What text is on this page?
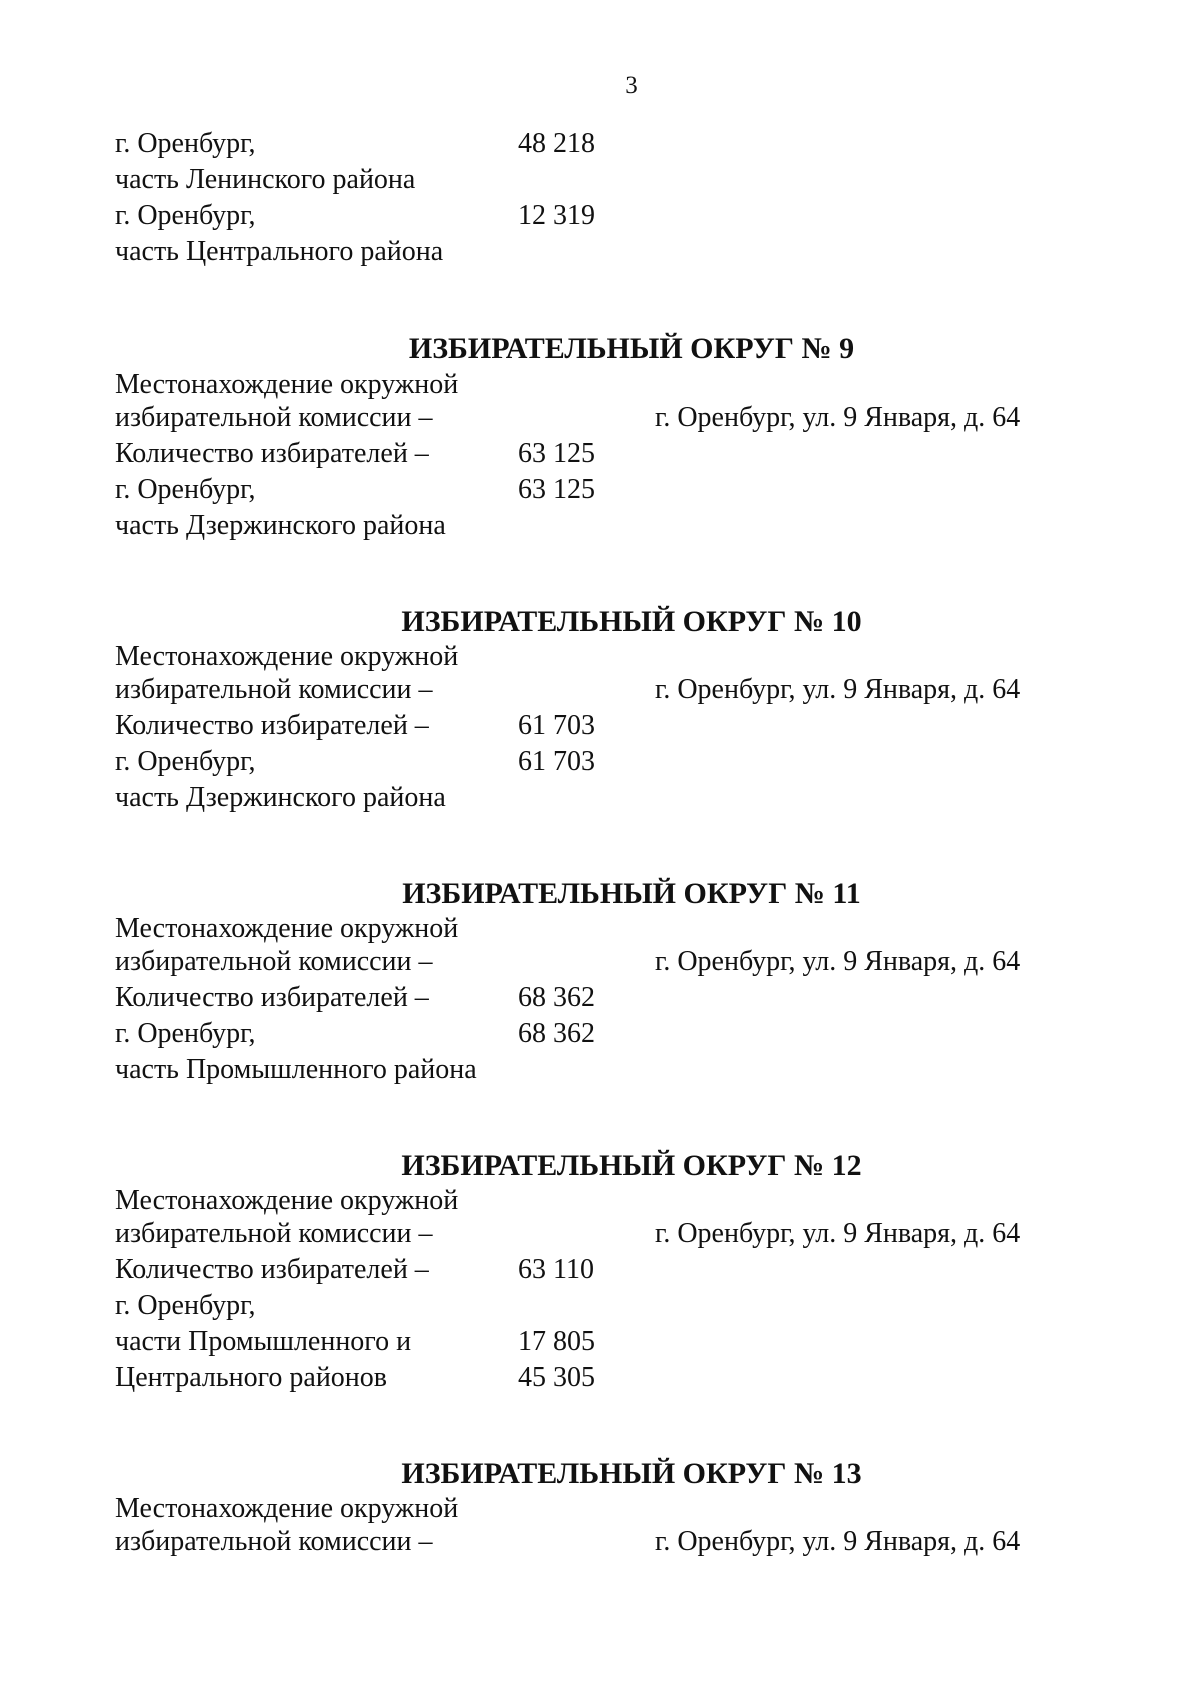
3
г. Оренбург,	48 218
часть Ленинского района
г. Оренбург,	12 319
часть Центрального района
ИЗБИРАТЕЛЬНЫЙ ОКРУГ № 9
Местонахождение окружной
избирательной комиссии –	г. Оренбург, ул. 9 Января, д. 64
Количество избирателей –	63 125
г. Оренбург,	63 125
часть Дзержинского района
ИЗБИРАТЕЛЬНЫЙ ОКРУГ № 10
Местонахождение окружной
избирательной комиссии –	г. Оренбург, ул. 9 Января, д. 64
Количество избирателей –	61 703
г. Оренбург,	61 703
часть Дзержинского района
ИЗБИРАТЕЛЬНЫЙ ОКРУГ № 11
Местонахождение окружной
избирательной комиссии –	г. Оренбург, ул. 9 Января, д. 64
Количество избирателей –	68 362
г. Оренбург,	68 362
часть Промышленного района
ИЗБИРАТЕЛЬНЫЙ ОКРУГ № 12
Местонахождение окружной
избирательной комиссии –	г. Оренбург, ул. 9 Января, д. 64
Количество избирателей –	63 110
г. Оренбург,
части Промышленного и	17 805
Центрального районов	45 305
ИЗБИРАТЕЛЬНЫЙ ОКРУГ № 13
Местонахождение окружной
избирательной комиссии –	г. Оренбург, ул. 9 Января, д. 64
